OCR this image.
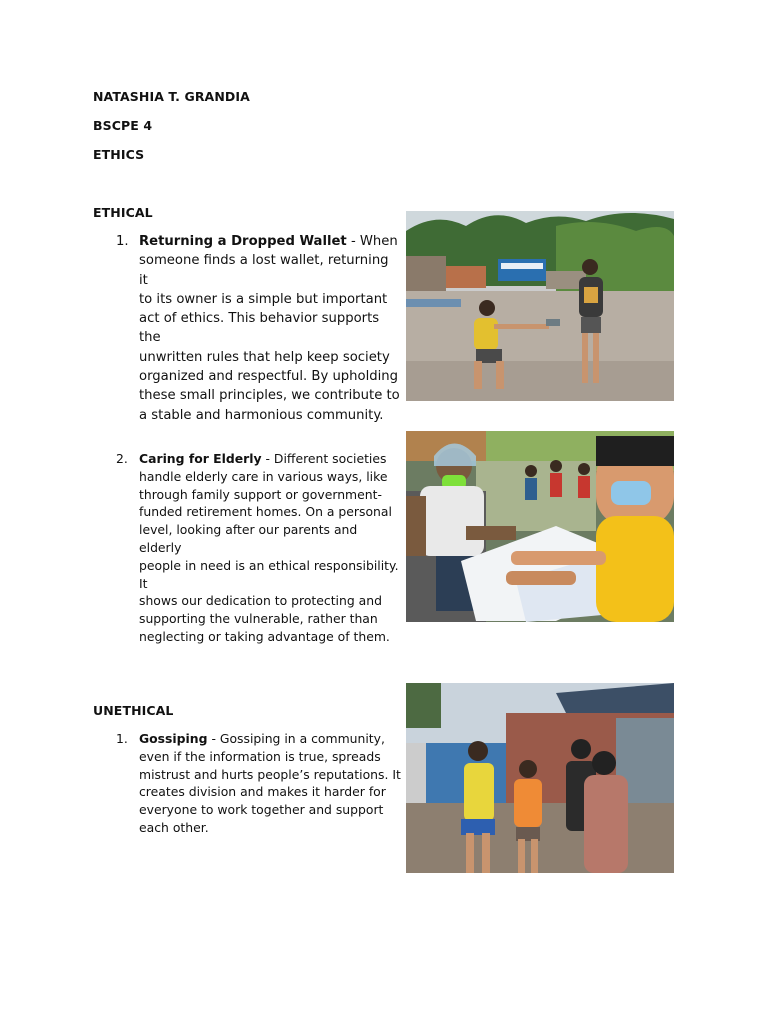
NATASHIA T. GRANDIA

BSCPE 4

ETHICS

ETHICAL

1. Returning a Dropped Wallet - When
someone finds a lost wallet, returning it
to its owner is a simple but important
act of ethics. This behavior supports the
unwritten rules that help keep society
organized and respectful. By upholding
these small principles, we contribute to
a stable and harmonious community.
2. Caring for Elderly - Different societies
handle elderly care in various ways, like
through family support or government-
funded retirement homes. On a personal
level, looking after our parents and elderly
people in need is an ethical responsibility. It
shows our dedication to protecting and
supporting the vulnerable, rather than
neglecting or taking advantage of them.

UNETHICAL

1. Gossiping - Gossiping in a community,
even if the information is true, spreads
mistrust and hurts people’s reputations. It
creates division and makes it harder for
everyone to work together and support
each other.
